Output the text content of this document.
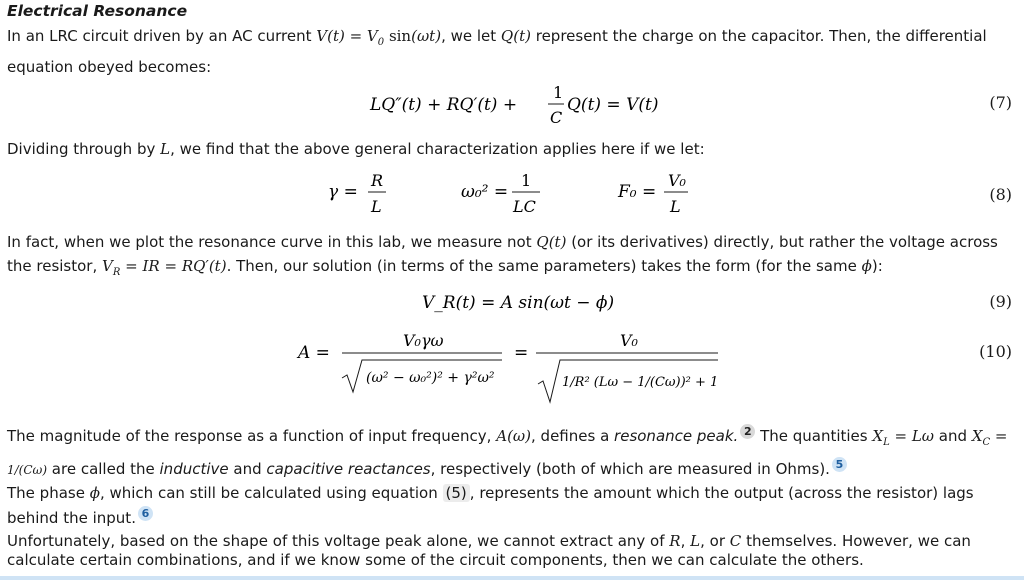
Electrical Resonance
In an LRC circuit driven by an AC current $V(t) = V_0$ sin(ωt), we let Q(t) represent the charge on the capacitor. Then, the differential equation obeyed becomes:
LQ″(t) + RQ′(t) +
1
C
Q(t) = V(t)	(7)
Dividing through by L, we find that the above general characterization applies here if we let:
γ =
R
L
ω₀² =
1
LC
F₀ =
V₀
L
(8)
In fact, when we plot the resonance curve in this lab, we measure not Q(t) (or its derivatives) directly, but rather the voltage across the resistor, $V_R$ = IR = RQ′(t). Then, our solution (in terms of the same parameters) takes the form (for the same ϕ):
V_R(t) = A sin(ωt − ϕ)	(9)
A =
V₀γω
(ω² − ω₀²)² + γ²ω²
=
V₀
1/R² (Lω − 1/(Cω))² + 1
(10)
The magnitude of the response as a function of input frequency, A(ω), defines a resonance peak. 2 The quantities $X_L = L\omega$ and $X_C = 1/(C\omega)$ are called the inductive and capacitive reactances, respectively (both of which are measured in Ohms). 5
The phase ϕ, which can still be calculated using equation (5) , represents the amount which the output (across the resistor) lags behind the input. 6
Unfortunately, based on the shape of this voltage peak alone, we cannot extract any of R, L, or C themselves. However, we can calculate certain combinations, and if we know some of the circuit components, then we can calculate the others.
